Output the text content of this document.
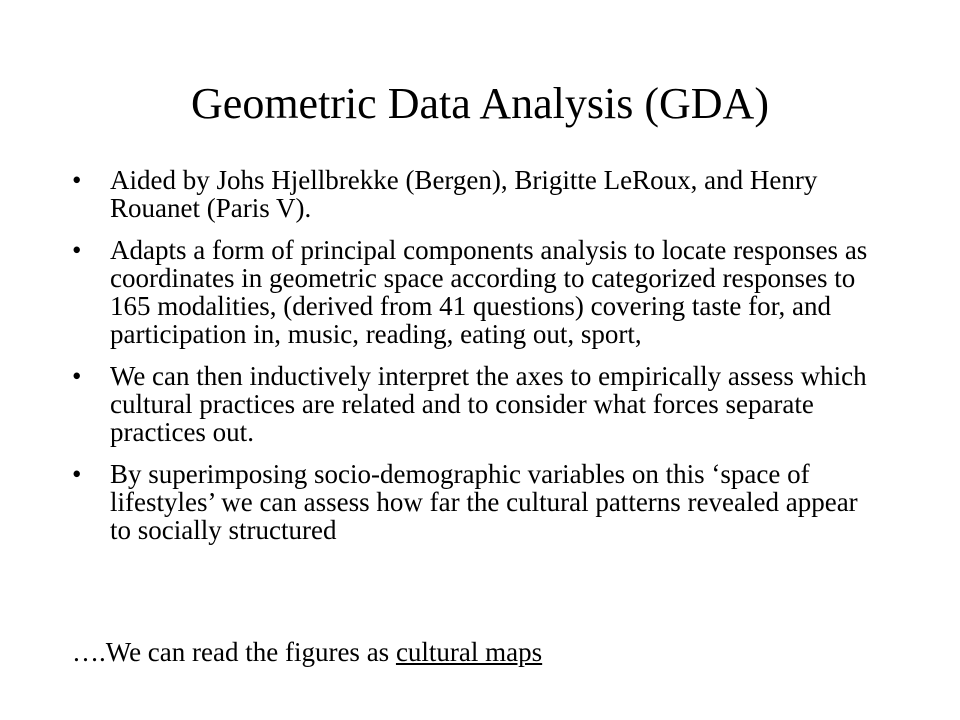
Geometric Data Analysis (GDA)
• Aided by Johs Hjellbrekke (Bergen), Brigitte LeRoux, and Henry Rouanet (Paris V).
• Adapts a form of principal components analysis to locate responses as coordinates in geometric space according to categorized responses to 165 modalities, (derived from 41 questions) covering taste for, and participation in, music, reading, eating out, sport,
• We can then inductively interpret the axes to empirically assess which cultural practices are related and to consider what forces separate practices out.
• By superimposing socio-demographic variables on this ‘space of lifestyles’ we can assess how far the cultural patterns revealed appear to socially structured

….We can read the figures as cultural maps
